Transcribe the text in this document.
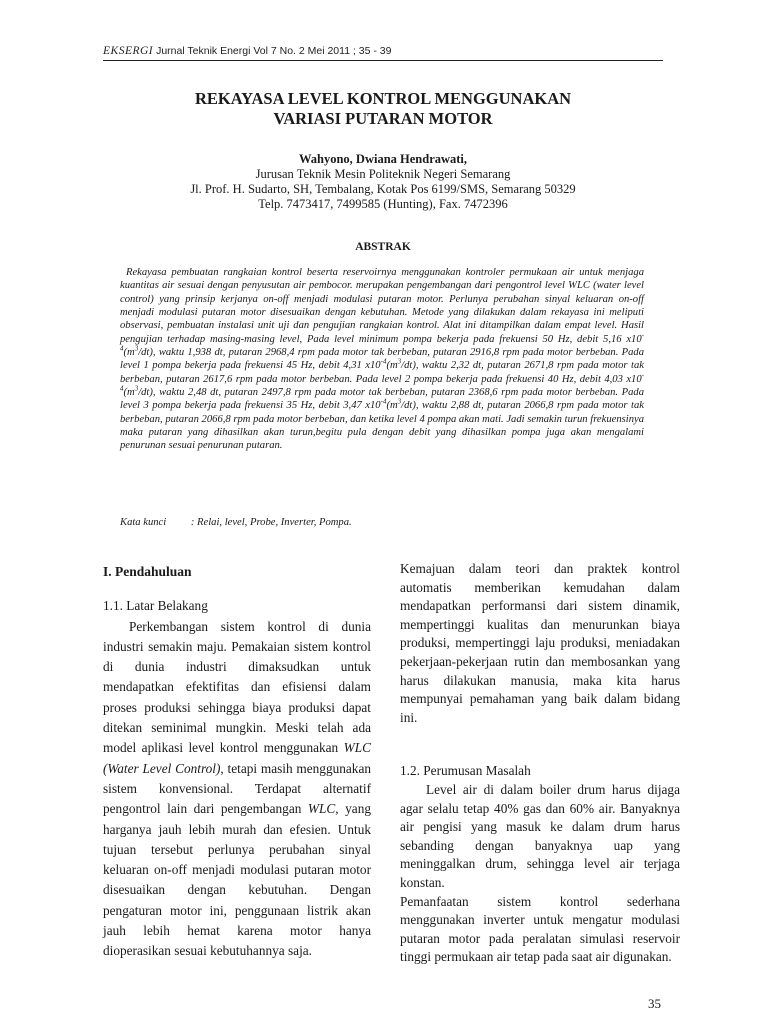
EKSERGI Jurnal Teknik Energi Vol 7 No. 2 Mei 2011 ; 35 - 39
REKAYASA LEVEL KONTROL MENGGUNAKAN
VARIASI PUTARAN MOTOR
Wahyono, Dwiana Hendrawati,
Jurusan Teknik Mesin Politeknik Negeri Semarang
Jl. Prof. H. Sudarto, SH, Tembalang, Kotak Pos 6199/SMS, Semarang 50329
Telp. 7473417, 7499585 (Hunting), Fax. 7472396
ABSTRAK
Rekayasa pembuatan rangkaian kontrol beserta reservoirnya menggunakan kontroler permukaan air untuk menjaga kuantitas air sesuai dengan penyusutan air pembocor. merupakan pengembangan dari pengontrol level WLC (water level control) yang prinsip kerjanya on-off menjadi modulasi putaran motor. Perlunya perubahan sinyal keluaran on-off menjadi modulasi putaran motor disesuaikan dengan kebutuhan. Metode yang dilakukan dalam rekayasa ini meliputi observasi, pembuatan instalasi unit uji dan pengujian rangkaian kontrol. Alat ini ditampilkan dalam empat level. Hasil pengujian terhadap masing-masing level, Pada level minimum pompa bekerja pada frekuensi 50 Hz, debit 5,16 $x10^{-4}(m^3/dt)$, waktu 1,938 dt, putaran 2968,4 rpm pada motor tak berbeban, putaran 2916,8 rpm pada motor berbeban. Pada level 1 pompa bekerja pada frekuensi 45 Hz, debit 4,31 $x10^{-4}(m^3/dt)$, waktu 2,32 dt, putaran 2671,8 rpm pada motor tak berbeban, putaran 2617,6 rpm pada motor berbeban. Pada level 2 pompa bekerja pada frekuensi 40 Hz, debit 4,03 $x10^{-4}(m^3/dt)$, waktu 2,48 dt, putaran 2497,8 rpm pada motor tak berbeban, putaran 2368,6 rpm pada motor berbeban. Pada level 3 pompa bekerja pada frekuensi 35 Hz, debit 3,47 $x10^{-4}(m^3/dt)$, waktu 2,88 dt, putaran 2066,8 rpm pada motor tak berbeban, putaran 2066,8 rpm pada motor berbeban, dan ketika level 4 pompa akan mati. Jadi semakin turun frekuensinya maka putaran yang dihasilkan akan turun,begitu pula dengan debit yang dihasilkan pompa juga akan mengalami penurunan sesuai penurunan putaran.
Kata kunci : Relai, level, Probe, Inverter, Pompa.
I. Pendahuluan
1.1. Latar Belakang

Perkembangan sistem kontrol di dunia industri semakin maju. Pemakaian sistem kontrol di dunia industri dimaksudkan untuk mendapatkan efektifitas dan efisiensi dalam proses produksi sehingga biaya produksi dapat ditekan seminimal mungkin. Meski telah ada model aplikasi level kontrol menggunakan WLC (Water Level Control), tetapi masih menggunakan sistem konvensional. Terdapat alternatif pengontrol lain dari pengembangan WLC, yang harganya jauh lebih murah dan efesien. Untuk tujuan tersebut perlunya perubahan sinyal keluaran on-off menjadi modulasi putaran motor disesuaikan dengan kebutuhan. Dengan pengaturan motor ini, penggunaan listrik akan jauh lebih hemat karena motor hanya dioperasikan sesuai kebutuhannya saja.

Kemajuan dalam teori dan praktek kontrol automatis memberikan kemudahan dalam mendapatkan performansi dari sistem dinamik, mempertinggi kualitas dan menurunkan biaya produksi, mempertinggi laju produksi, meniadakan pekerjaan-pekerjaan rutin dan membosankan yang harus dilakukan manusia, maka kita harus mempunyai pemahaman yang baik dalam bidang ini.

1.2. Perumusan Masalah

Level air di dalam boiler drum harus dijaga agar selalu tetap 40% gas dan 60% air. Banyaknya air pengisi yang masuk ke dalam drum harus sebanding dengan banyaknya uap yang meninggalkan drum, sehingga level air terjaga konstan.

Pemanfaatan sistem kontrol sederhana menggunakan inverter untuk mengatur modulasi putaran motor pada peralatan simulasi reservoir tinggi permukaan air tetap pada saat air digunakan.

35
